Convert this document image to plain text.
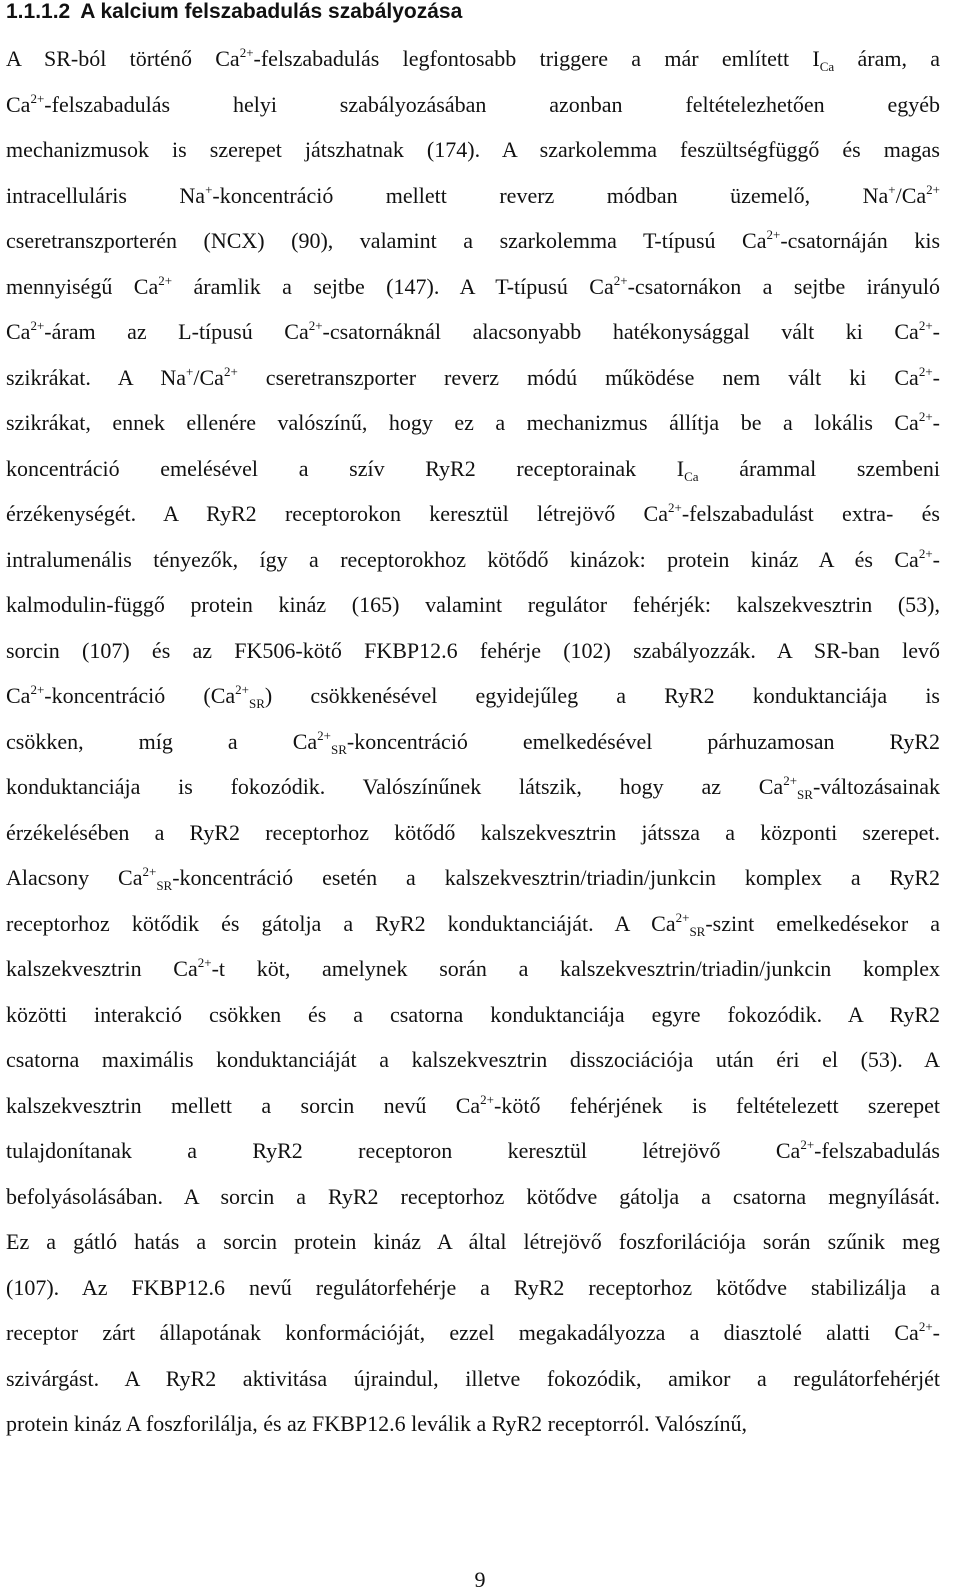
1.1.1.2 A kalcium felszabadulás szabályozása
A SR-ból történő $Ca^{2+}$-felszabadulás legfontosabb triggere a már említett $I_{Ca}$ áram, a
$Ca^{2+}$-felszabadulás helyi szabályozásában azonban feltételezhetően egyéb
mechanizmusok is szerepet játszhatnak (174). A szarkolemma feszültségfüggő és magas
intracelluláris Na+-koncentráció mellett reverz módban üzemelő, $Na^+/Ca^{2+}$
cseretranszporterén (NCX) (90), valamint a szarkolemma T-típusú $Ca^{2+}$-csatornáján kis
mennyiségű $Ca^{2+}$ áramlik a sejtbe (147). A T-típusú $Ca^{2+}$-csatornákon a sejtbe irányuló
$Ca^{2+}$-áram az L-típusú $Ca^{2+}$-csatornáknál alacsonyabb hatékonysággal vált ki $Ca^{2+}-$
szikrákat. A $Na^+/Ca^{2+}$ cseretranszporter reverz módú működése nem vált ki $Ca^{2+}-$
szikrákat, ennek ellenére valószínű, hogy ez a mechanizmus állítja be a lokális $Ca^{2+}-$
koncentráció emelésével a szív RyR2 receptorainak $I_{Ca}$ árammal szembeni
érzékenységét. A RyR2 receptorokon keresztül létrejövő $Ca^{2+}$-felszabadulást extra- és
intralumenális tényezők, így a receptorokhoz kötődő kinázok: protein kináz A és $Ca^{2+}-$
kalmodulin-függő protein kináz (165) valamint regulátor fehérjék: kalszekvesztrin (53),
sorcin (107) és az FK506-kötő FKBP12.6 fehérje (102) szabályozzák. A SR-ban levő
$Ca^{2+}$-koncentráció $(Ca^{2+}_{SR})$ csökkenésével egyidejűleg a RyR2 konduktanciája is
csökken, míg a $Ca^{2+}_{SR}$-koncentráció emelkedésével párhuzamosan RyR2
konduktanciája is fokozódik. Valószínűnek látszik, hogy az $Ca^{2+}_{SR}$-változásainak
érzékelésében a RyR2 receptorhoz kötődő kalszekvesztrin játssza a központi szerepet.
Alacsony $Ca^{2+}_{SR}$-koncentráció esetén a kalszekvesztrin/triadin/junkcin komplex a RyR2
receptorhoz kötődik és gátolja a RyR2 konduktanciáját. A $Ca^{2+}_{SR}$-szint emelkedésekor a
kalszekvesztrin $Ca^{2+}-t$ köt, amelynek során a kalszekvesztrin/triadin/junkcin komplex
közötti interakció csökken és a csatorna konduktanciája egyre fokozódik. A RyR2
csatorna maximális konduktanciáját a kalszekvesztrin disszociációja után éri el (53). A
kalszekvesztrin mellett a sorcin nevű $Ca^{2+}$-kötő fehérjének is feltételezett szerepet
tulajdonítanak a RyR2 receptoron keresztül létrejövő $Ca^{2+}$-felszabadulás
befolyásolásában. A sorcin a RyR2 receptorhoz kötődve gátolja a csatorna megnyílását.
Ez a gátló hatás a sorcin protein kináz A által létrejövő foszforilációja során szűnik meg
(107). Az FKBP12.6 nevű regulátorfehérje a RyR2 receptorhoz kötődve stabilizálja a
receptor zárt állapotának konformációját, ezzel megakadályozza a diasztolé alatti $Ca^{2+}-$
szivárgást. A RyR2 aktivitása újraindul, illetve fokozódik, amikor a regulátorfehérjét
protein kináz A foszforilálja, és az FKBP12.6 leválik a RyR2 receptorról. Valószínű,
9
